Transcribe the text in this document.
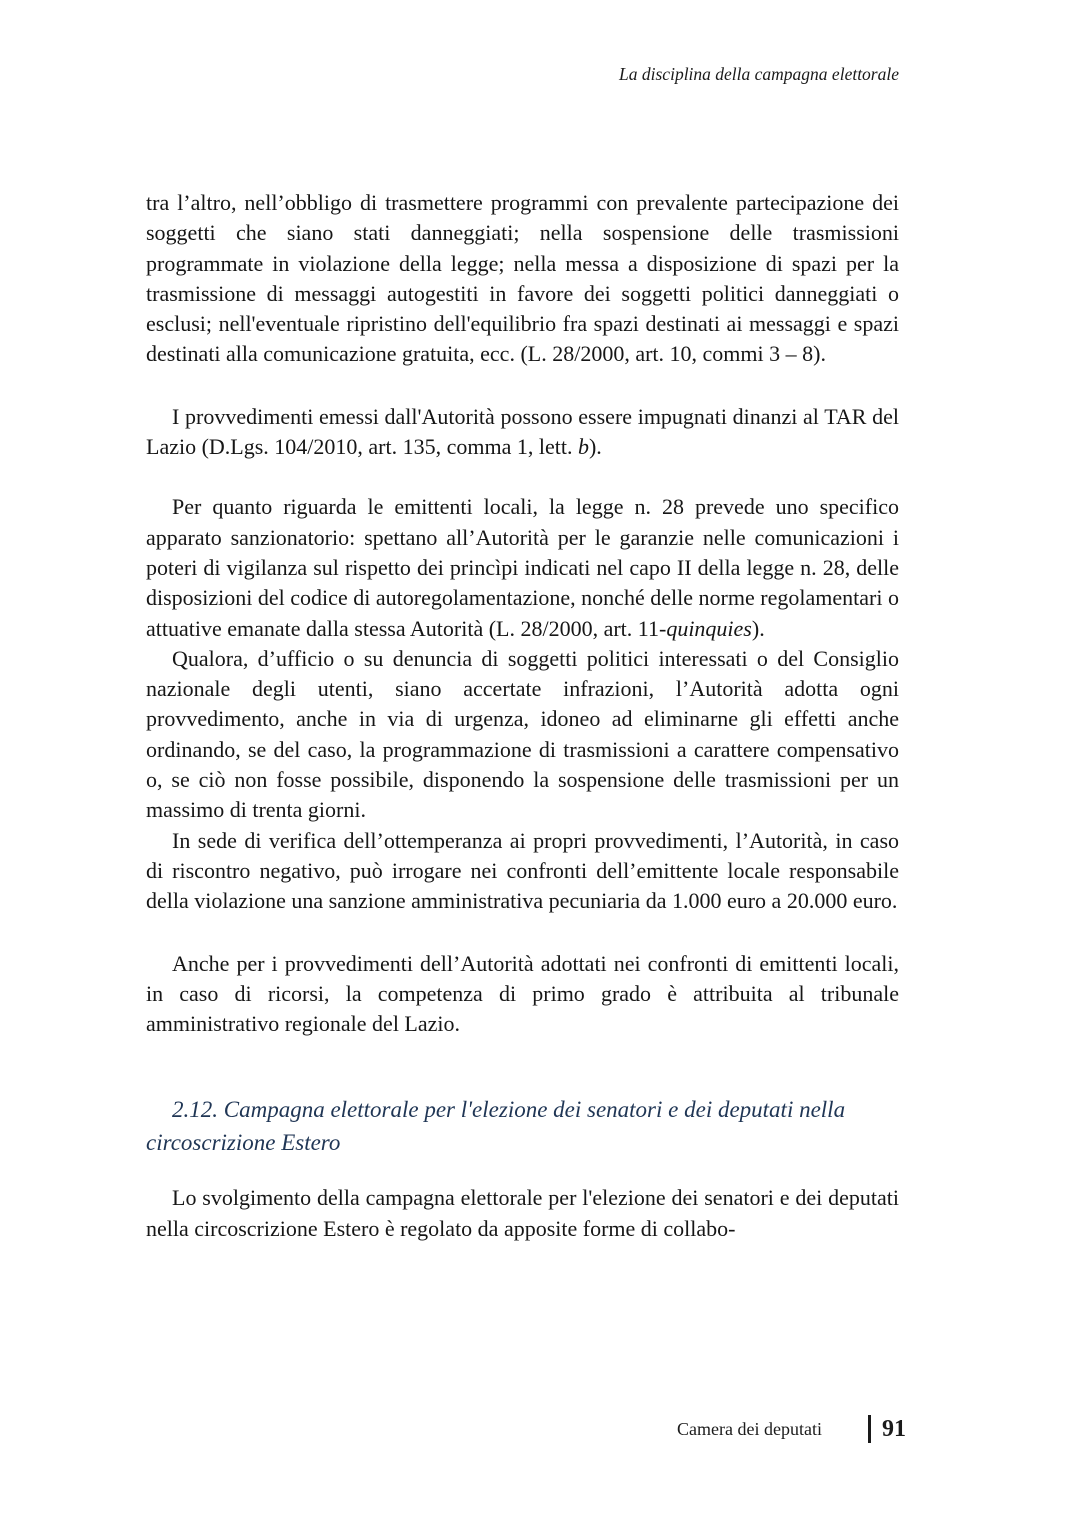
La disciplina della campagna elettorale

tra l’altro, nell’obbligo di trasmettere programmi con prevalente partecipazione dei soggetti che siano stati danneggiati; nella sospensione delle trasmissioni programmate in violazione della legge; nella messa a disposizione di spazi per la trasmissione di messaggi autogestiti in favore dei soggetti politici danneggiati o esclusi; nell'eventuale ripristino dell'equilibrio fra spazi destinati ai messaggi e spazi destinati alla comunicazione gratuita, ecc. (L. 28/2000, art. 10, commi 3 – 8).

I provvedimenti emessi dall'Autorità possono essere impugnati dinanzi al TAR del Lazio (D.Lgs. 104/2010, art. 135, comma 1, lett. b).

Per quanto riguarda le emittenti locali, la legge n. 28 prevede uno specifico apparato sanzionatorio: spettano all’Autorità per le garanzie nelle comunicazioni i poteri di vigilanza sul rispetto dei princìpi indicati nel capo II della legge n. 28, delle disposizioni del codice di autoregolamentazione, nonché delle norme regolamentari o attuative emanate dalla stessa Autorità (L. 28/2000, art. 11-quinquies).

Qualora, d’ufficio o su denuncia di soggetti politici interessati o del Consiglio nazionale degli utenti, siano accertate infrazioni, l’Autorità adotta ogni provvedimento, anche in via di urgenza, idoneo ad eliminarne gli effetti anche ordinando, se del caso, la programmazione di trasmissioni a carattere compensativo o, se ciò non fosse possibile, disponendo la sospensione delle trasmissioni per un massimo di trenta giorni.

In sede di verifica dell’ottemperanza ai propri provvedimenti, l’Autorità, in caso di riscontro negativo, può irrogare nei confronti dell’emittente locale responsabile della violazione una sanzione amministrativa pecuniaria da 1.000 euro a 20.000 euro.

Anche per i provvedimenti dell’Autorità adottati nei confronti di emittenti locali, in caso di ricorsi, la competenza di primo grado è attribuita al tribunale amministrativo regionale del Lazio.

2.12. Campagna elettorale per l'elezione dei senatori e dei deputati nella circoscrizione Estero

Lo svolgimento della campagna elettorale per l'elezione dei senatori e dei deputati nella circoscrizione Estero è regolato da apposite forme di collabo-

Camera dei deputati	91
